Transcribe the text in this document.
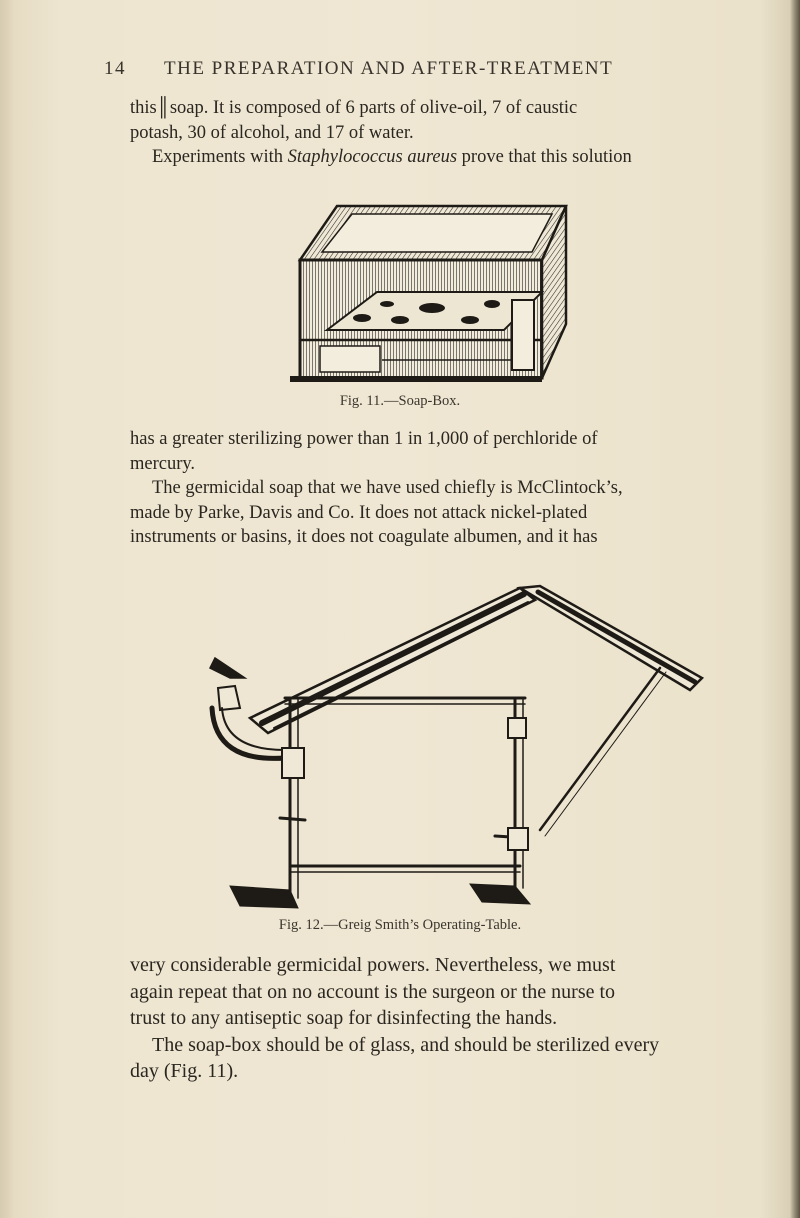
14 THE PREPARATION AND AFTER-TREATMENT
this║soap. It is composed of 6 parts of olive-oil, 7 of caustic
potash, 30 of alcohol, and 17 of water.
Experiments with Staphylococcus aureus prove that this solution
Fig. 11.—Soap-Box.
has a greater sterilizing power than 1 in 1,000 of perchloride of
mercury.
The germicidal soap that we have used chiefly is McClintock’s,
made by Parke, Davis and Co. It does not attack nickel-plated
instruments or basins, it does not coagulate albumen, and it has
Fig. 12.—Greig Smith’s Operating-Table.
very considerable germicidal powers. Nevertheless, we must
again repeat that on no account is the surgeon or the nurse to
trust to any antiseptic soap for disinfecting the hands.
The soap-box should be of glass, and should be sterilized every
day (Fig. 11).
